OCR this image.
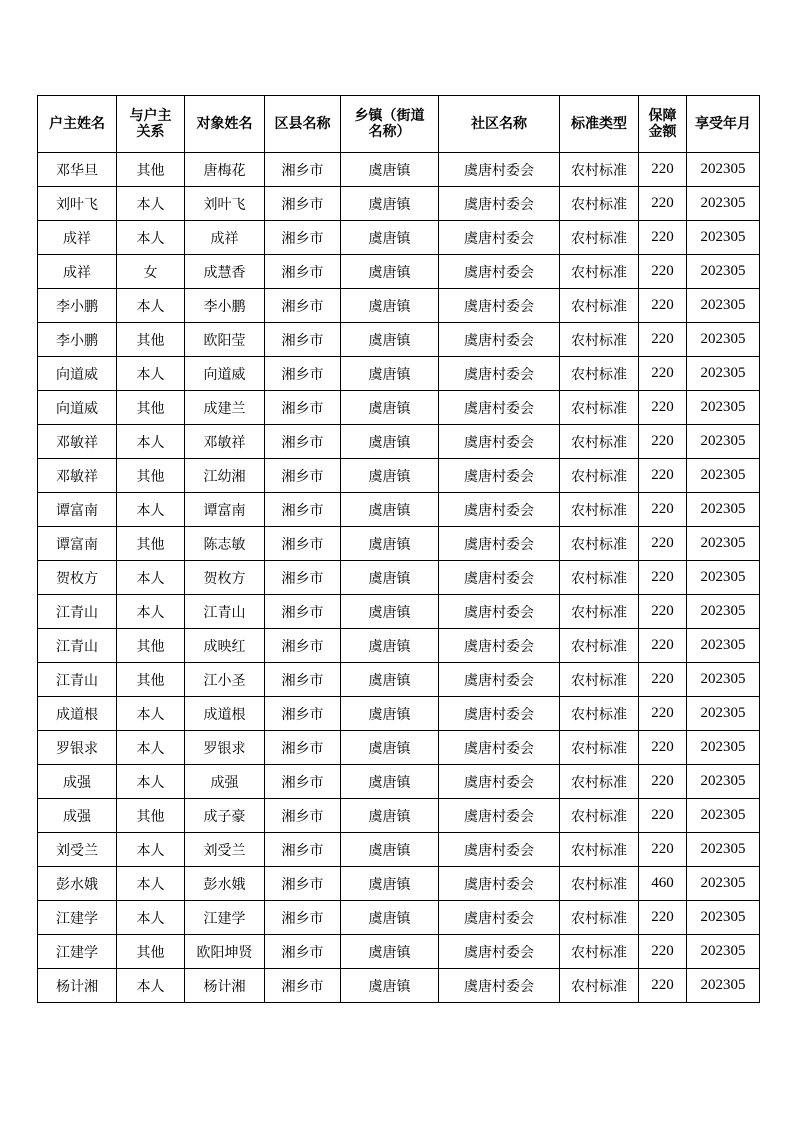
户主姓名	与户主关系	对象姓名	区县名称	乡镇（街道名称）	社区名称	标准类型	保障金额	享受年月
邓华旦	其他	唐梅花	湘乡市	虞唐镇	虞唐村委会	农村标准	220	202305
刘叶飞	本人	刘叶飞	湘乡市	虞唐镇	虞唐村委会	农村标准	220	202305
成祥	本人	成祥	湘乡市	虞唐镇	虞唐村委会	农村标准	220	202305
成祥	女	成慧香	湘乡市	虞唐镇	虞唐村委会	农村标准	220	202305
李小鹏	本人	李小鹏	湘乡市	虞唐镇	虞唐村委会	农村标准	220	202305
李小鹏	其他	欧阳莹	湘乡市	虞唐镇	虞唐村委会	农村标准	220	202305
向道威	本人	向道威	湘乡市	虞唐镇	虞唐村委会	农村标准	220	202305
向道威	其他	成建兰	湘乡市	虞唐镇	虞唐村委会	农村标准	220	202305
邓敏祥	本人	邓敏祥	湘乡市	虞唐镇	虞唐村委会	农村标准	220	202305
邓敏祥	其他	江幼湘	湘乡市	虞唐镇	虞唐村委会	农村标准	220	202305
谭富南	本人	谭富南	湘乡市	虞唐镇	虞唐村委会	农村标准	220	202305
谭富南	其他	陈志敏	湘乡市	虞唐镇	虞唐村委会	农村标准	220	202305
贺枚方	本人	贺枚方	湘乡市	虞唐镇	虞唐村委会	农村标准	220	202305
江青山	本人	江青山	湘乡市	虞唐镇	虞唐村委会	农村标准	220	202305
江青山	其他	成映红	湘乡市	虞唐镇	虞唐村委会	农村标准	220	202305
江青山	其他	江小圣	湘乡市	虞唐镇	虞唐村委会	农村标准	220	202305
成道根	本人	成道根	湘乡市	虞唐镇	虞唐村委会	农村标准	220	202305
罗银求	本人	罗银求	湘乡市	虞唐镇	虞唐村委会	农村标准	220	202305
成强	本人	成强	湘乡市	虞唐镇	虞唐村委会	农村标准	220	202305
成强	其他	成子豪	湘乡市	虞唐镇	虞唐村委会	农村标准	220	202305
刘受兰	本人	刘受兰	湘乡市	虞唐镇	虞唐村委会	农村标准	220	202305
彭水娥	本人	彭水娥	湘乡市	虞唐镇	虞唐村委会	农村标准	460	202305
江建学	本人	江建学	湘乡市	虞唐镇	虞唐村委会	农村标准	220	202305
江建学	其他	欧阳坤贤	湘乡市	虞唐镇	虞唐村委会	农村标准	220	202305
杨计湘	本人	杨计湘	湘乡市	虞唐镇	虞唐村委会	农村标准	220	202305
